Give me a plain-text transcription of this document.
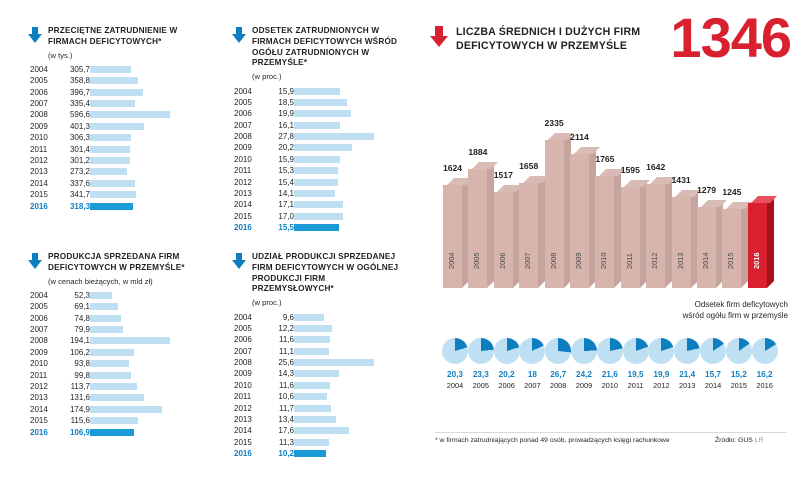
PRZECIĘTNE ZATRUDNIENIE W FIRMACH DEFICYTOWYCH*
(w tys.)
2004	305,7	

2005	358,8	

2006	396,7	

2007	335,4	

2008	596,6	

2009	401,3	

2010	306,3	

2011	301,4	

2012	301,2	

2013	273,2	

2014	337,6	

2015	341,7	

2016	318,3	
ODSETEK ZATRUDNIONYCH W FIRMACH DEFICYTOWYCH WŚRÓD OGÓŁU ZATRUDNIONYCH W PRZEMYŚLE*
(w proc.)
2004	15,9	

2005	18,5	

2006	19,9	

2007	16,1	

2008	27,8	

2009	20,2	

2010	15,9	

2011	15,3	

2012	15,4	

2013	14,1	

2014	17,1	

2015	17,0	

2016	15,5	
PRODUKCJA SPRZEDANA FIRM DEFICYTOWYCH W PRZEMYŚLE*
(w cenach bieżących, w mld zł)
2004	52,3	

2005	69,1	

2006	74,8	

2007	79,9	

2008	194,1	

2009	106,2	

2010	93,8	

2011	99,8	

2012	113,7	

2013	131,6	

2014	174,9	

2015	115,6	

2016	106,9	
UDZIAŁ PRODUKCJI SPRZEDANEJ FIRM DEFICYTOWYCH W OGÓLNEJ PRODUKCJI FIRM PRZEMYSŁOWYCH*
(w proc.)
2004	9,6	

2005	12,2	

2006	11,6	

2007	11,1	

2008	25,6	

2009	14,3	

2010	11,6	

2011	10,6	

2012	11,7	

2013	13,4	

2014	17,6	

2015	11,3	

2016	10,2	
LICZBA ŚREDNICH I DUŻYCH FIRM DEFICYTOWYCH W PRZEMYŚLE 1346
1624
2004
1884
2005
1517
2006
1658
2007
2335
2008
2114
2009
1765
2010
1595
2011
1642
2012
1431
2013
1279
2014
1245
2015 2016
20,3
2004
23,3
2005
20,2
2006
18
2007
26,7
2008
24,2
2009
21,6
2010
19,5
2011
19,9
2012
21,4
2013
15,7
2014
15,2
2015
16,2
2016
Odsetek firm deficytowych
wśród ogółu firm w przemyśle
* w firmach zatrudniających ponad 49 osób, prowadzących księgi rachunkowe	Źródło: GUS ŁR
